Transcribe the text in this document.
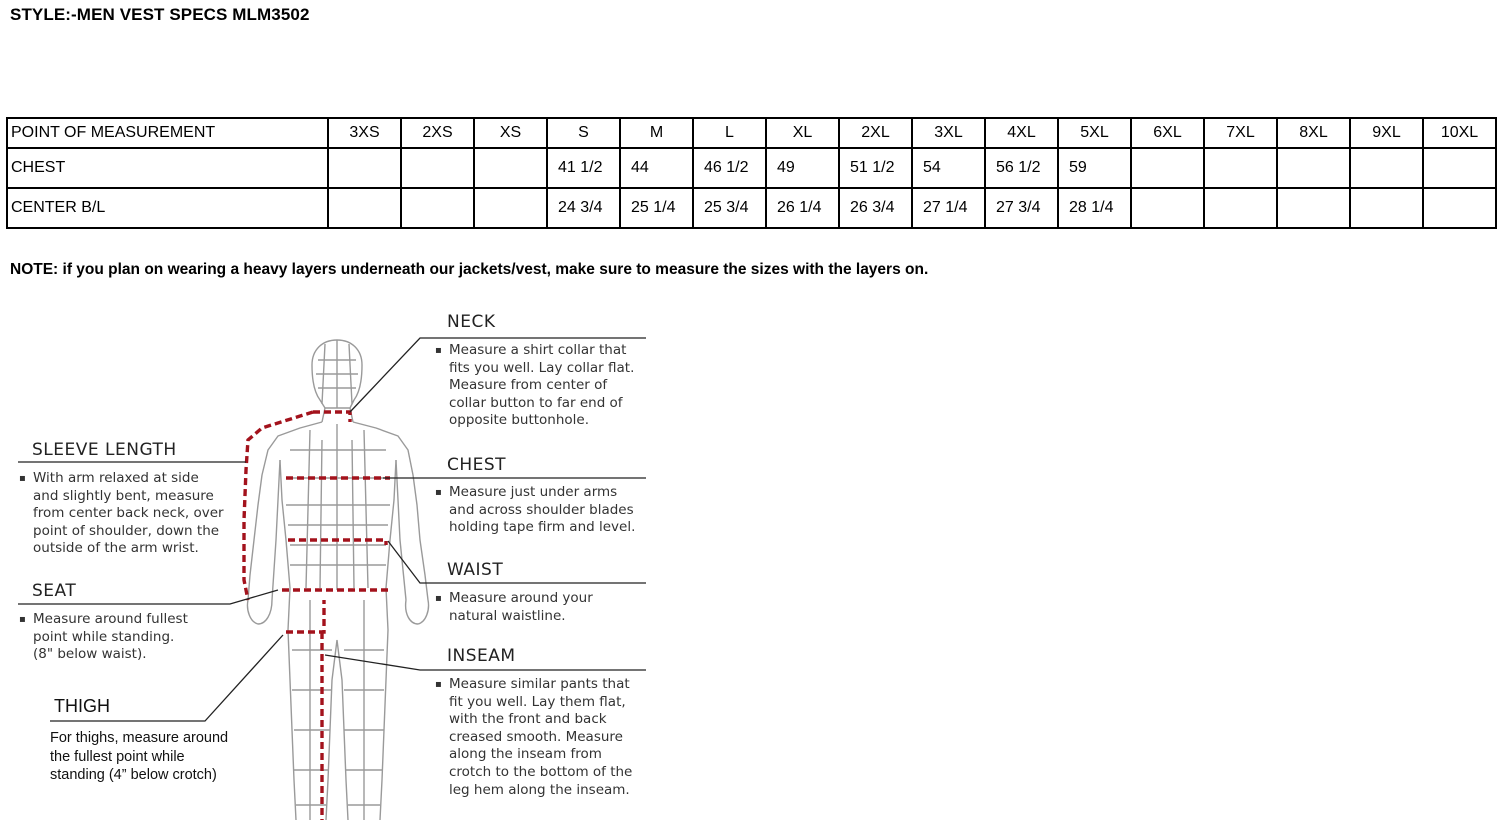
STYLE:-MEN VEST SPECS MLM3502
POINT OF MEASUREMENT	3XS	2XS	XS	S	M	L	XL	2XL	3XL	4XL	5XL	6XL	7XL	8XL	9XL	10XL
CHEST				41 1/2	44	46 1/2	49	51 1/2	54	56 1/2	59					
CENTER B/L				24 3/4	25 1/4	25 3/4	26 1/4	26 3/4	27 1/4	27 3/4	28 1/4					
NOTE: if you plan on wearing a heavy layers underneath our jackets/vest, make sure to measure the sizes with the layers on.
NECK
▪ Measure a shirt collar that
fits you well. Lay collar flat.
Measure from center of
collar button to far end of
opposite buttonhole.
CHEST
▪ Measure just under arms
and across shoulder blades
holding tape firm and level.
WAIST
▪ Measure around your
natural waistline.
INSEAM
▪ Measure similar pants that
fit you well. Lay them flat,
with the front and back
creased smooth. Measure
along the inseam from
crotch to the bottom of the
leg hem along the inseam.
SLEEVE LENGTH
▪ With arm relaxed at side
and slightly bent, measure
from center back neck, over
point of shoulder, down the
outside of the arm wrist.
SEAT
▪ Measure around fullest
point while standing.
(8" below waist).
THIGH
For thighs, measure around
the fullest point while
standing (4” below crotch)
